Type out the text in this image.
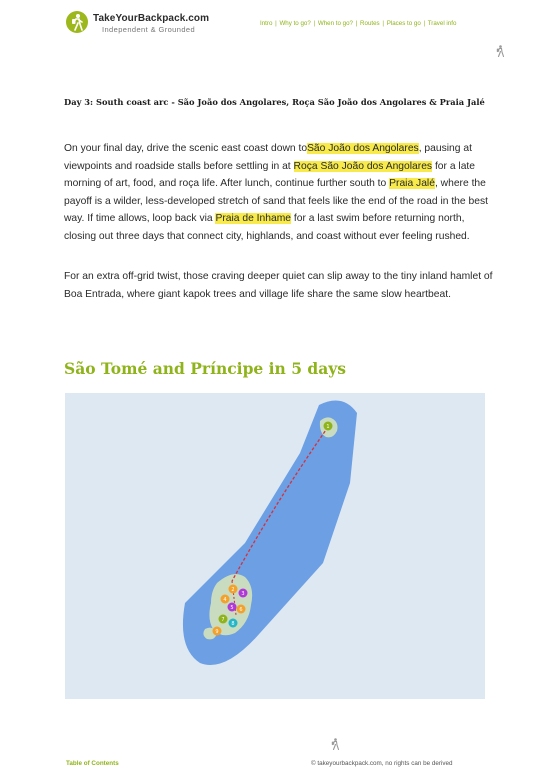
TakeYourBackpack.com
Independent & Grounded
Intro | Why to go? | When to go? | Routes | Places to go | Travel info
Day 3: South coast arc - São João dos Angolares, Roça São João dos Angolares & Praia Jalé
On your final day, drive the scenic east coast down toSão João dos Angolares, pausing at viewpoints and roadside stalls before settling in at Roça São João dos Angolares for a late morning of art, food, and roça life. After lunch, continue further south to Praia Jalé, where the payoff is a wilder, less-developed stretch of sand that feels like the end of the road in the best way. If time allows, loop back via Praia de Inhame for a last swim before returning north, closing out three days that connect city, highlands, and coast without ever feeling rushed.
For an extra off-grid twist, those craving deeper quiet can slip away to the tiny inland hamlet of Boa Entrada, where giant kapok trees and village life share the same slow heartbeat.
São Tomé and Príncipe in 5 days
1
2
3
4
5 6
7
8
9
Table of Contents	© takeyourbackpack.com, no rights can be derived
